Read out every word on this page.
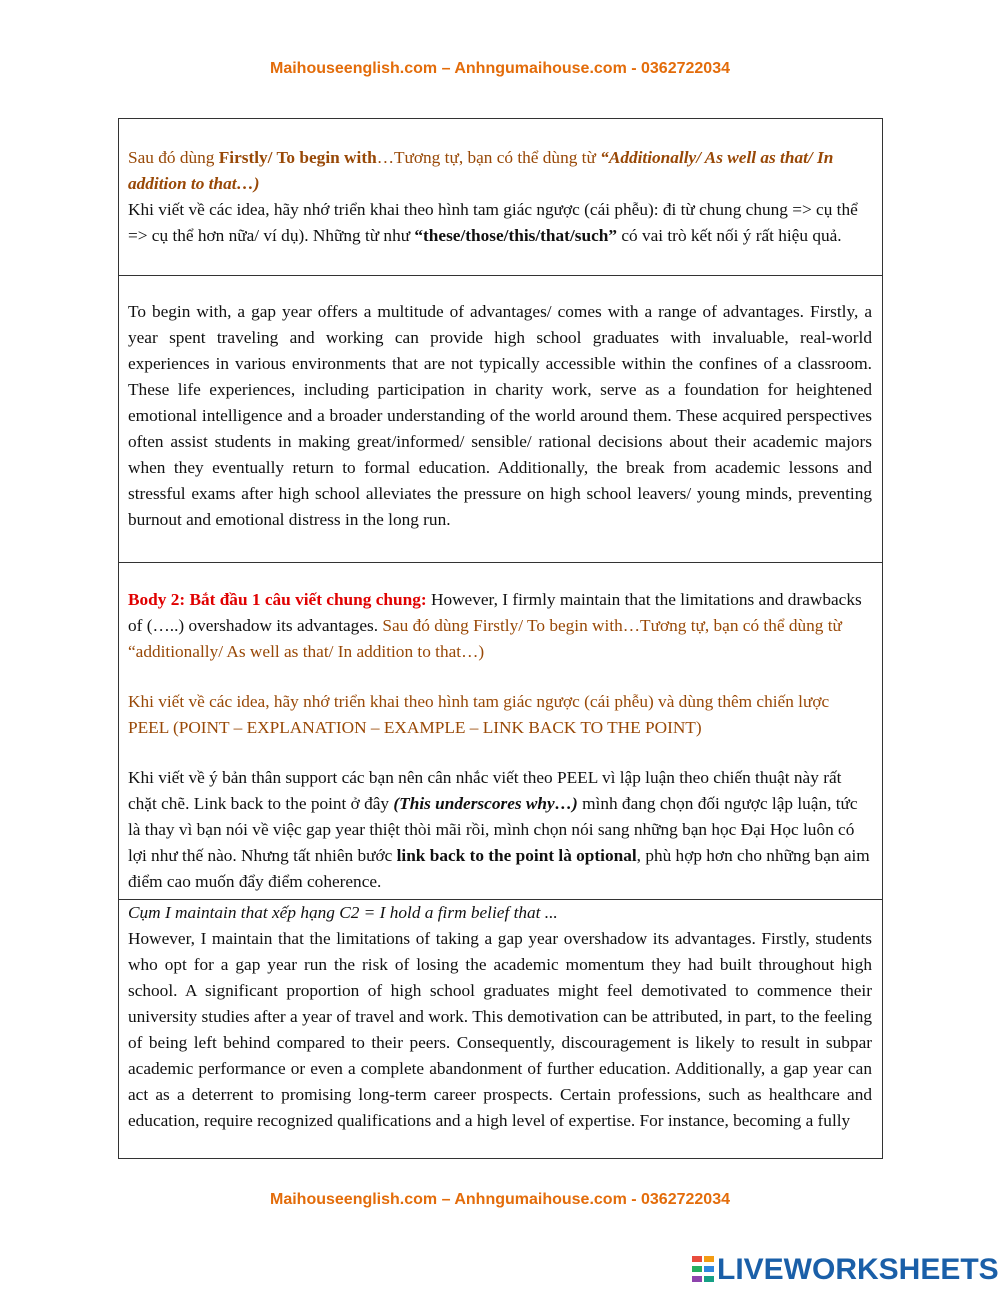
Maihouseenglish.com – Anhngumaihouse.com - 0362722034
Sau đó dùng Firstly/ To begin with…Tương tự, bạn có thể dùng từ “Additionally/ As well as that/ In addition to that…)
Khi viết về các idea, hãy nhớ triển khai theo hình tam giác ngược (cái phễu): đi từ chung chung => cụ thể => cụ thể hơn nữa/ ví dụ). Những từ như “these/those/this/that/such” có vai trò kết nối ý rất hiệu quả.
To begin with, a gap year offers a multitude of advantages/ comes with a range of advantages. Firstly, a year spent traveling and working can provide high school graduates with invaluable, real-world experiences in various environments that are not typically accessible within the confines of a classroom. These life experiences, including participation in charity work, serve as a foundation for heightened emotional intelligence and a broader understanding of the world around them. These acquired perspectives often assist students in making great/informed/ sensible/ rational decisions about their academic majors when they eventually return to formal education. Additionally, the break from academic lessons and stressful exams after high school alleviates the pressure on high school leavers/ young minds, preventing burnout and emotional distress in the long run.
Body 2: Bắt đầu 1 câu viết chung chung: However, I firmly maintain that the limitations and drawbacks of (…..) overshadow its advantages. Sau đó dùng Firstly/ To begin with…Tương tự, bạn có thể dùng từ “additionally/ As well as that/ In addition to that…)
Khi viết về các idea, hãy nhớ triển khai theo hình tam giác ngược (cái phễu) và dùng thêm chiến lược PEEL (POINT – EXPLANATION – EXAMPLE – LINK BACK TO THE POINT)
Khi viết về ý bản thân support các bạn nên cân nhắc viết theo PEEL vì lập luận theo chiến thuật này rất chặt chẽ. Link back to the point ở đây (This underscores why…) mình đang chọn đối ngược lập luận, tức là thay vì bạn nói về việc gap year thiệt thòi mãi rồi, mình chọn nói sang những bạn học Đại Học luôn có lợi như thế nào. Nhưng tất nhiên bước link back to the point là optional, phù hợp hơn cho những bạn aim điểm cao muốn đẩy điểm coherence.
Cụm I maintain that xếp hạng C2 = I hold a firm belief that ...
However, I maintain that the limitations of taking a gap year overshadow its advantages. Firstly, students who opt for a gap year run the risk of losing the academic momentum they had built throughout high school. A significant proportion of high school graduates might feel demotivated to commence their university studies after a year of travel and work. This demotivation can be attributed, in part, to the feeling of being left behind compared to their peers. Consequently, discouragement is likely to result in subpar academic performance or even a complete abandonment of further education. Additionally, a gap year can act as a deterrent to promising long-term career prospects. Certain professions, such as healthcare and education, require recognized qualifications and a high level of expertise. For instance, becoming a fully
Maihouseenglish.com – Anhngumaihouse.com - 0362722034
LIVEWORKSHEETS
